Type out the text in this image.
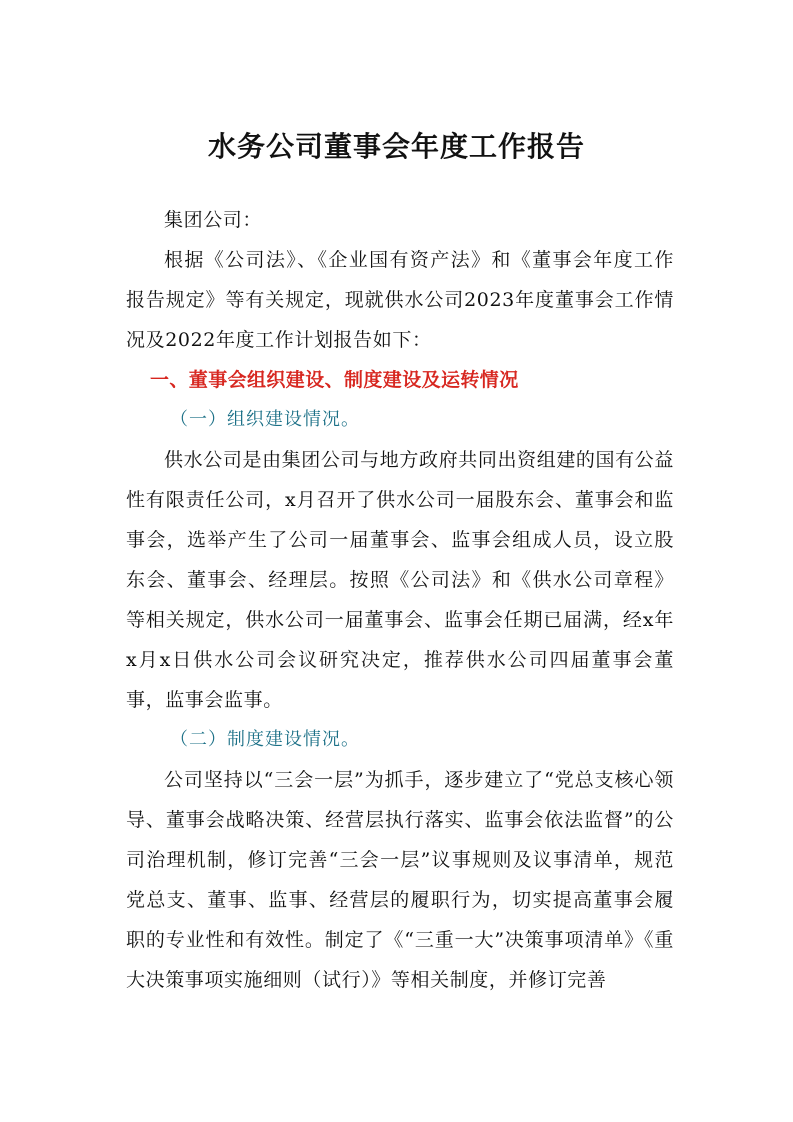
水务公司董事会年度工作报告

集团公司：

根据《公司法》、《企业国有资产法》和《董事会年度工作报告规定》等有关规定，现就供水公司2023年度董事会工作情况及2022年度工作计划报告如下：

一、董事会组织建设、制度建设及运转情况

（一）组织建设情况。

供水公司是由集团公司与地方政府共同出资组建的国有公益性有限责任公司，x月召开了供水公司一届股东会、董事会和监事会，选举产生了公司一届董事会、监事会组成人员，设立股东会、董事会、经理层。按照《公司法》和《供水公司章程》等相关规定，供水公司一届董事会、监事会任期已届满，经x年x月x日供水公司会议研究决定，推荐供水公司四届董事会董事，监事会监事。

（二）制度建设情况。

公司坚持以“三会一层”为抓手，逐步建立了“党总支核心领导、董事会战略决策、经营层执行落实、监事会依法监督”的公司治理机制，修订完善“三会一层”议事规则及议事清单，规范党总支、董事、监事、经营层的履职行为，切实提高董事会履职的专业性和有效性。制定了《“三重一大”决策事项清单》《重大决策事项实施细则（试行）》等相关制度，并修订完善
